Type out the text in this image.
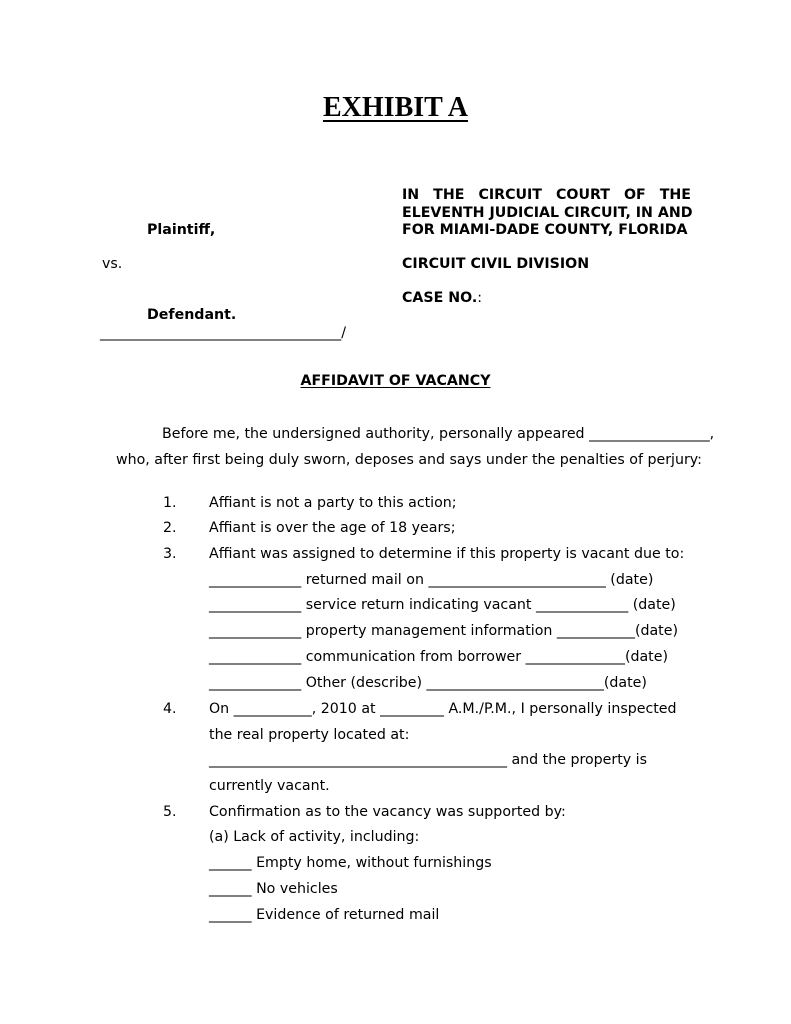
EXHIBIT A
IN THE CIRCUIT COURT OF THE
ELEVENTH JUDICIAL CIRCUIT, IN AND
FOR MIAMI-DADE COUNTY, FLORIDA
CIRCUIT CIVIL DIVISION
CASE NO.:
Plaintiff,
vs.
Defendant.
__________________________________/
AFFIDAVIT OF VACANCY
Before me, the undersigned authority, personally appeared _________________,
who, after first being duly sworn, deposes and says under the penalties of perjury:
1.	Affiant is not a party to this action;
2.	Affiant is over the age of 18 years;
3.	Affiant was assigned to determine if this property is vacant due to:
_____________ returned mail on _________________________ (date)
_____________ service return indicating vacant _____________ (date)
_____________ property management information ___________(date)
_____________ communication from borrower ______________(date)
_____________ Other (describe) _________________________(date)
4.	On ___________, 2010 at _________ A.M./P.M., I personally inspected
the real property located at:
__________________________________________ and the property is
currently vacant.
5.	Confirmation as to the vacancy was supported by:
(a) Lack of activity, including:
______ Empty home, without furnishings
______ No vehicles
______ Evidence of returned mail
